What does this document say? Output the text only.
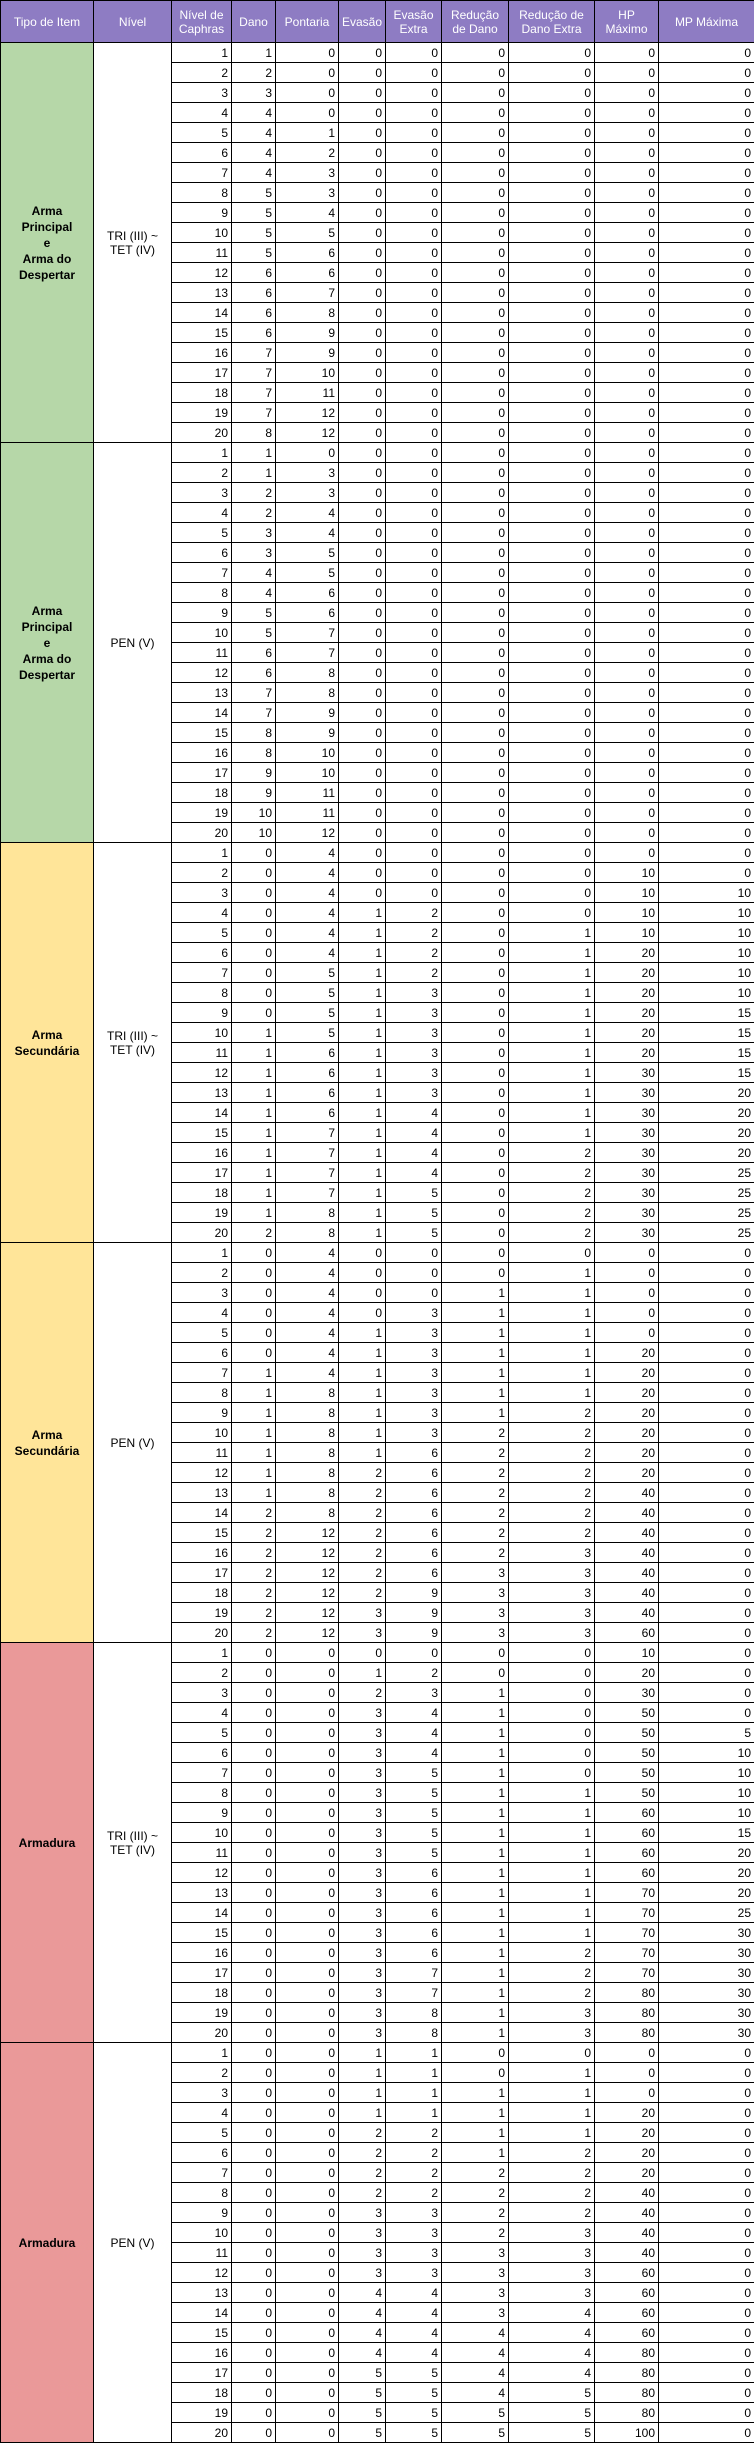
Tipo de Item	Nível	Nível de Caphras	Dano	Pontaria	Evasão	Evasão Extra	Redução de Dano	Redução de Dano Extra	HP Máximo	MP Máxima
Arma
Principal
e
Arma do
Despertar	TRI (III) ~ TET (IV)	1	1	0	0	0	0	0	0	0
		2	2	0	0	0	0	0	0	0
		3	3	0	0	0	0	0	0	0
		4	4	0	0	0	0	0	0	0
		5	4	1	0	0	0	0	0	0
		6	4	2	0	0	0	0	0	0
		7	4	3	0	0	0	0	0	0
		8	5	3	0	0	0	0	0	0
		9	5	4	0	0	0	0	0	0
		10	5	5	0	0	0	0	0	0
		11	5	6	0	0	0	0	0	0
		12	6	6	0	0	0	0	0	0
		13	6	7	0	0	0	0	0	0
		14	6	8	0	0	0	0	0	0
		15	6	9	0	0	0	0	0	0
		16	7	9	0	0	0	0	0	0
		17	7	10	0	0	0	0	0	0
		18	7	11	0	0	0	0	0	0
		19	7	12	0	0	0	0	0	0
		20	8	12	0	0	0	0	0	0
Arma
Principal
e
Arma do
Despertar	PEN (V)	1	1	0	0	0	0	0	0	0
		2	1	3	0	0	0	0	0	0
		3	2	3	0	0	0	0	0	0
		4	2	4	0	0	0	0	0	0
		5	3	4	0	0	0	0	0	0
		6	3	5	0	0	0	0	0	0
		7	4	5	0	0	0	0	0	0
		8	4	6	0	0	0	0	0	0
		9	5	6	0	0	0	0	0	0
		10	5	7	0	0	0	0	0	0
		11	6	7	0	0	0	0	0	0
		12	6	8	0	0	0	0	0	0
		13	7	8	0	0	0	0	0	0
		14	7	9	0	0	0	0	0	0
		15	8	9	0	0	0	0	0	0
		16	8	10	0	0	0	0	0	0
		17	9	10	0	0	0	0	0	0
		18	9	11	0	0	0	0	0	0
		19	10	11	0	0	0	0	0	0
		20	10	12	0	0	0	0	0	0
Arma
Secundária	TRI (III) ~ TET (IV)	1	0	4	0	0	0	0	0	0
		2	0	4	0	0	0	0	10	0
		3	0	4	0	0	0	0	10	10
		4	0	4	1	2	0	0	10	10
		5	0	4	1	2	0	1	10	10
		6	0	4	1	2	0	1	20	10
		7	0	5	1	2	0	1	20	10
		8	0	5	1	3	0	1	20	10
		9	0	5	1	3	0	1	20	15
		10	1	5	1	3	0	1	20	15
		11	1	6	1	3	0	1	20	15
		12	1	6	1	3	0	1	30	15
		13	1	6	1	3	0	1	30	20
		14	1	6	1	4	0	1	30	20
		15	1	7	1	4	0	1	30	20
		16	1	7	1	4	0	2	30	20
		17	1	7	1	4	0	2	30	25
		18	1	7	1	5	0	2	30	25
		19	1	8	1	5	0	2	30	25
		20	2	8	1	5	0	2	30	25
Arma
Secundária	PEN (V)	1	0	4	0	0	0	0	0	0
		2	0	4	0	0	0	1	0	0
		3	0	4	0	0	1	1	0	0
		4	0	4	0	3	1	1	0	0
		5	0	4	1	3	1	1	0	0
		6	0	4	1	3	1	1	20	0
		7	1	4	1	3	1	1	20	0
		8	1	8	1	3	1	1	20	0
		9	1	8	1	3	1	2	20	0
		10	1	8	1	3	2	2	20	0
		11	1	8	1	6	2	2	20	0
		12	1	8	2	6	2	2	20	0
		13	1	8	2	6	2	2	40	0
		14	2	8	2	6	2	2	40	0
		15	2	12	2	6	2	2	40	0
		16	2	12	2	6	2	3	40	0
		17	2	12	2	6	3	3	40	0
		18	2	12	2	9	3	3	40	0
		19	2	12	3	9	3	3	40	0
		20	2	12	3	9	3	3	60	0
Armadura	TRI (III) ~ TET (IV)	1	0	0	0	0	0	0	10	0
		2	0	0	1	2	0	0	20	0
		3	0	0	2	3	1	0	30	0
		4	0	0	3	4	1	0	50	0
		5	0	0	3	4	1	0	50	5
		6	0	0	3	4	1	0	50	10
		7	0	0	3	5	1	0	50	10
		8	0	0	3	5	1	1	50	10
		9	0	0	3	5	1	1	60	10
		10	0	0	3	5	1	1	60	15
		11	0	0	3	5	1	1	60	20
		12	0	0	3	6	1	1	60	20
		13	0	0	3	6	1	1	70	20
		14	0	0	3	6	1	1	70	25
		15	0	0	3	6	1	1	70	30
		16	0	0	3	6	1	2	70	30
		17	0	0	3	7	1	2	70	30
		18	0	0	3	7	1	2	80	30
		19	0	0	3	8	1	3	80	30
		20	0	0	3	8	1	3	80	30
Armadura	PEN (V)	1	0	0	1	1	0	0	0	0
		2	0	0	1	1	0	1	0	0
		3	0	0	1	1	1	1	0	0
		4	0	0	1	1	1	1	20	0
		5	0	0	2	2	1	1	20	0
		6	0	0	2	2	1	2	20	0
		7	0	0	2	2	2	2	20	0
		8	0	0	2	2	2	2	40	0
		9	0	0	3	3	2	2	40	0
		10	0	0	3	3	2	3	40	0
		11	0	0	3	3	3	3	40	0
		12	0	0	3	3	3	3	60	0
		13	0	0	4	4	3	3	60	0
		14	0	0	4	4	3	4	60	0
		15	0	0	4	4	4	4	60	0
		16	0	0	4	4	4	4	80	0
		17	0	0	5	5	4	4	80	0
		18	0	0	5	5	4	5	80	0
		19	0	0	5	5	5	5	80	0
		20	0	0	5	5	5	5	100	0
